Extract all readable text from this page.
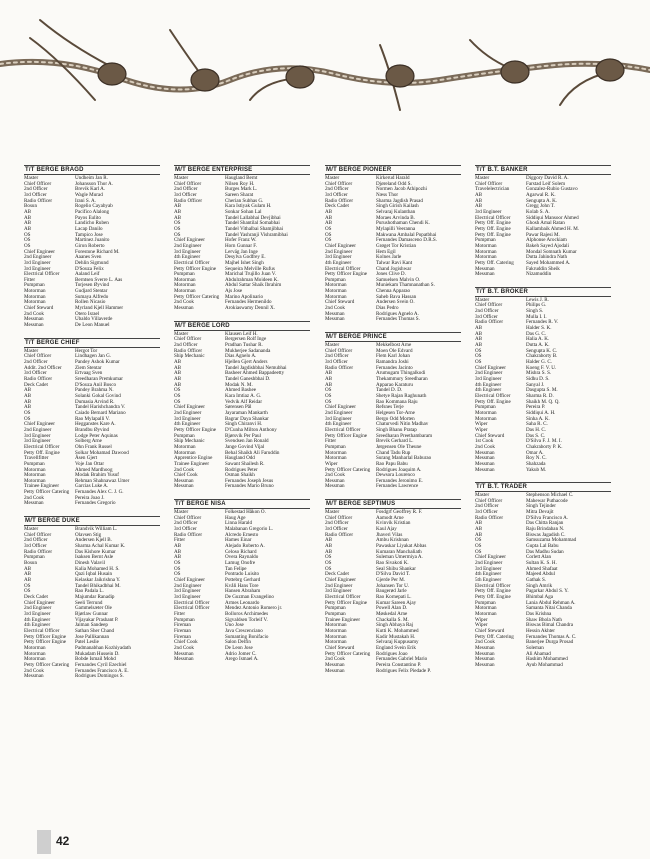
T/T BERGE BRAGD
Master	Undheim Jan R.
Chief Officer	Johansson Thor A.
2nd Officer	Brevik Karl A.
3rd Officer	Wagle Murad
Radio Officer	Irani S. A.
Bosun	Rogelio Cayabyab
AB	Pacifico Alalong
AB	Payos Eulito
AB	Landicho Ruben
AB	Lacap Danilo
OS	Tampico Jose
OS	Martinez Juanito
OS	Giron Roberto
Chief Engineer	Forestone Richard M.
2nd Engineer	Aaanes Sven
3rd Engineer	Dehlin Sigmund
3rd Engineer	D'Souza Felix
Electrical Officer	Aaland Leif
Fitter	Berntsen Sverre L. Aas
Pumpman	Torjesen Øyvind
Motorman	Gudjard Stentar
Motorman	Sumaya Alfredo
Motorman	Rollen Nicasio
Chief Steward	Myrland Kjell Hammer
2nd Cook	Otero Israel
Messman	Ubaldo Villaverde
Messman	De Leon Manuel
T/T BERGE CHIEF
Master	Hergot Tor
Chief Officer	Lindhagen Jan G.
2nd Officer	Pandey Ashok Kumar
Addit. 2nd Officer	Ziem Stentar
3rd Officer	Ertvaag Sven
Radio Officer	Sreedharan Premkumar
Deck Cadet	D'Souza Anil Bosco
AB	Pandey Brahma N.
AB	Solanki Gokal Govind
AB	Dumasia Arvind R.
AB	Tandel Harishchandra V.
OS	Caiado Bernard Mariano
OS	Rao Mylapalli V.
Chief Engineer	Hegganstes Kare A.
2nd Engineer	Brandbu Øyvind
3rd Engineer	Lodge Peter Aquinas
3rd Engineer	Solberg Arne
Electrical Officer	Ohn Frank Russel
Petty Off. Engine	Solkar Mohamad Dawood
Travellfitter	Åsen Gjert
Pumpman	Voje Jan Ottar
Motorman	Ahmed Mardhoog
Motorman	Modak Brahim Yusuf
Motorman	Rehman Shahnawaz Umer
Trainee Engineer	Garcias Luke A.
Petty Officer Catering	Fernandes Alex C. J. G.
2nd Cook	Pereira Joao J.
Messman	Fernandes Gregorio
M/T BERGE DUKE
Master	Brandvik William L.
Chief Officer	Olavsen Stig
2nd Officer	Andersen Kjell B.
3rd Officer	Sharma Achal Kumar K.
Radio Officer	Das Kishore Kumar
Pumpman	Isaksen Bernt Asle
Bosun	Dinesh Valavil
AB	Kalia Mohamed H. S.
AB	Qazi Iqbal Husain
AB	Kelaskar Jaikrishna Y.
OS	Tandel Bhikadbhai M.
OS	Rao Padala L.
Deck Cadet	Majumdar Ranadip
Chief Engineer	Seeli Terrund
2nd Engineer	Gammelsæter Ole
3rd Engineer	Bjørlaw Gunnar
4th Engineer	Vijayakar Prashant P.
4th Engineer	Jaiman Sandeep
Electrical Officer	Sathan Sher Chand
Petty Officer Engine	Jose Pallikannan
Petty Officer Engine	Patel Leslie
Motorman	Padmanabhan Kozhiyadath
Motorman	Mukadam Hussein D.
Motorman	Bobde Ismail Mohd
Petty Officer Catering	Fernandes Cyril Ezechiel
2nd Cook	Fernandes Francisco A. E.
Messman	Rodrigues Domingos S.
M/T BERGE ENTERPRISE
Master	Haugland Bernt
Chief Officer	Nilsen Roy H.
2nd Officer	Burges Mark L.
3rd Officer	Sareen Sharat
Radio Officer	Cherian Subhas G.
AB	Kara Istiyak Gulam H.
AB	Sonkar Sohan Lal
AB	Tandel Lallabhai Devjibhai
OS	Tandel Shantilal Somabhai
OS	Tandel Vithalbai Shamjibhai
OS	Tandel Yashranji Vishramibhai
Chief Engineer	Hofer Franz W.
2nd Engineer	Horn Gunnar F.
3rd Engineer	Lerväg Jan Inge
4th Engineer	Desylva Godfrey E.
Electrical Officer	Majhel Ishet Singh
Petty Officer Engine	Sequeira Melville Rufus
Pumpman	Marichal Trujillo Juan V.
Motorman	Abdulrahman Moideen K.
Motorman	Abdul Sattar Shaik Ibrahim
Motorman	Ajs Jose
Petty Officer Catering	Marino Apolinario
2nd Cook	Fernandes Hermenildo
Messman	Arokiaswamy Dennil X.
M/T BERGE LORD
Master	Klausen Leif H.
Chief Officer	Bergersen Rolf Inge
2nd Officer	Pradhan Tushar R.
Radio Officer	Mukherjee Sadananda
Ship Mechanic	Dias Agnelo A.
AB	Hjellen Gjert Anders
AB	Tandel Jagdishbhai Nemubhai
AB	Basheer Ahmed Bappadeetty
AB	Tandel Ganeshbhai D.
AB	Modak N. M.
OS	Ahmed Bashee
OS	Kara Imtiaz A. G.
OS	Vedvik Alf Reidar
Chief Engineer	Sørensen Pål
2nd Engineer	Jayaraman Mankarth
3rd Engineer	Bagrar Daya Shankar
4th Engineer	Singh Chiranvi H.
Petty Officer Engine	D'Cunha Milton Anthony
Pumpman	Bjørsvik Per Paul
Ship Mechanic	Svendsen Jan Ronald
Motorman	Jange Govind Vijal
Motorman	Behal Shaikh Ali Faruddin
Apprentice Engine	Haugland Odd
Trainee Engineer	Sawant Shailesh R.
2nd Cook	Rodrigues Peter
Chief Cook	Osman Shaikh
Messman	Fernandes Joseph Jesus
Messman	Fernandes Mario Bruno
T/T BERGE NISA
Master	Folkestad Håkon O.
Chief Officer	Haug Age
2nd Officer	Linna Harald
3rd Officer	Malabanan Gregorio L.
Radio Officer	Alcredo Ernesto
Fitter	Hames Einar
AB	Alejado Roberto A.
AB	Celoso Richard
AB	Overa Raynaldo
OS	Lamug Onofre
OS	Tan Felipe
OS	Pontrado Luisito
Chief Engineer	Pottebrg Gerhard
2nd Engineer	Kvåli Hans Tore
3rd Engineer	Hansen Abraham
3rd Engineer	De Guzman Evangelino
Electrical Officer	Armes Leonardo
Electrical Officer	Mendez Antonio Romero jr.
Fitter	Bolloros Archimedes
Pumpman	Sigvaldsen Torleif V.
Fireman	Uno Jose
Fireman	Java Crescenciano
Fireman	Sumanting Bonifacio
Chief Cook	Salon Delfin
2nd Cook	De Leon Jose
Messman	Adrio Jomer C.
Messman	Arego Ismael A.
M/T BERGE PIONEER
Master	Kirkerud Harald
Chief Officer	Djøreland Odd S.
2nd Officer	Normen Jacob Athipozhi
3rd Officer	Næss Thor
Radio Officer	Sharma Jagdish Prasad
Deck Cadet	Singh Girish Kailash
AB	Selvaraj Kulanthan
AB	Moraes Arvinda B.
AB	Purushothaman Chendi K.
OS	Mylapilli Veeranna
OS	Makwana Ambalal Popatbhai
OS	Fernandes Damasceno D.R.S.
Chief Engineer	Grøget Tor Kristian
2nd Engineer	Hem Egil
3rd Engineer	Kolnes Jarle
4th Engineer	Talwar Ravi Kant
Electrical Officer	Chand Jogishwar
Petty Officer Engine	Jones Clive D.
Pumpman	Samuelsen Malvin O.
Motorman	Muniekam Thamnanathan S.
Motorman	Chenna Apparao
Motorman	Saheb Bava Hassan
Chief Steward	Andersen Svein O.
2nd Cook	Dias Pedro
Messman	Rodrigues Agnelo A.
Messman	Fernandes Thomas S.
M/T BERGE PRINCE
Master	Mekkelbost Arne
Chief Officer	Moen Ole Edvard
2nd Officer	Flem Karl Johan
3rd Officer	Ramandra Joshi
Radio Officer	Fernandes Jacinto
AB	Arumugam Thingalkodi
AB	Thekammury Sreedharan
AB	Apparao Karaturu
OS	Tandel D. D.
OS	Shetye Rajan Raghunath
OS	Rao Kommana Raju
Chief Engineer	Refsnes Terje
2nd Engineer	Helgesen Tor-Arne
3rd Engineer	Bergo Odd Morten
4th Engineer	Chaturvedi Nitin Madhav
Electrical Officer	Singh Bhanu Pratap
Petty Officer Engine	Sreedharan Preethambaram
Fitter	Brevik Gerhard L.
Pumpman	Jørgensen Ole Theune
Motorman	Chand Tadu Rup
Motorman	Surang Manharlal Baburao
Wiper	Rao Papu Babu
Petty Officer Catering	Rodrigues Joaquim A.
2nd Cook	Dewsora Lourenco
Messman	Fernandes Jeronimo E.
Messman	Fernandes Lawrence
M/T BERGE SEPTIMUS
Master	Fosdgrf Geoffrey R. F.
Chief Officer	Aamodt Arne
2nd Officer	Kvinvik Kristian
3rd Officer	Kaul Ajay
Radio Officer	Jhaveri Vilas
AB	Ambu Krishnan
AB	Pawaskar Liyakat Abbas
AB	Kumaran Manchaliath
OS	Suleman Umermiya A.
OS	Rao Sivakoti K.
OS	Seal Shibu Shankar
Deck Cadet	D'Silva David T.
Chief Engineer	Gjerde Per M.
2nd Engineer	Johansen Tor U.
3rd Engineer	Baugerød Jarle
Electrical Officer	Rao Kornepati L.
Petty Officer Engine	Kumar Sareen Ajay
Pumpman	Powell Alan D.
Pumpman	Møskedal Arne
Trainee Engineer	Chackalla S. M.
Motorman	Singh Abhaya Raj
Motorman	Kutti K. Mohammed
Motorman	Kadir Mustakah H.
Motorman	Selvaraj Kuppusamy
Chief Steward	England Svein Erik
Petty Officer Catering	Rodrigues Joao
2nd Cook	Fernandes Gabriel Mario
Messman	Pereira Constantino P.
Messman	Rodrigues Felix Piedade P.
T/T B.T. BANKER
Master	Diggory David R. A.
Chief Officer	Farstad Leif Solem
Travelelectrician	Gonzalez-Rubio Gustavo
AB	Agarwal R. K.
AB	Sengupta A. K.
AB	Gregg John T.
3rd Engineer	Kolab S. A.
Electrical Officer	Siddiqui Mansoor Ahmed
Petty Off. Engine	Ghosh Amal Ratan
Petty Off. Engine	Kallambaik Ahmed H. M.
Petty Off. Engine	Pawar Rajesi M.
Pumpman	Alphonse Arockiam
Motorman	Bakeh Sayed Ajodali
Motorman	Mondal Somnath Kumar
Motorman	Dutta Jahindra Nath
Petty Off. Catering	Sayed Mohammed A.
Messman	Fakruddin Sheik
Messman	Nizamuddin
T/T B.T. BROKER
Master	Lewis J. R.
Chief Officer	Philips G.
2nd Officer	Singh S.
3rd Officer	Mulla I. I.
Radio Officer	Fernandes R. V.
AB	Halder S. K.
AB	Das G. C.
AB	Halia A. K.
AB	Dutta A. K.
OS	Sengupta K. C.
OS	Chakraborty B.
OS	Halder G. C.
Chief Engineer	Koeng F. V. U.
2nd Engineer	Mishra S. S.
3rd Engineer	Sidhu D. S.
4th Engineer	Sanyal J.
4th Engineer	Dasgupta S. M.
Electrical Officer	Sharma R. D.
Petty Off. Engine	Shaikh M. Q. Q.
Pumpman	Pereira P.
Motorman	Siddiqui A. H.
Motorman	Sinha A. K.
Wiper	Saha R. C.
Wiper	Das H. C.
Chief Steward	Das S. C.
1st Cook	D'Silva F. J. M. I.
2nd Cook	Chakraborty P. K.
Messman	Omar A.
Messman	Roy N. C.
Messman	Shahzada
Messman	Yakub M.
T/T B.T. TRADER
Master	Stephenson Michael C.
Chief Officer	Mahewar Puthacode
2nd Officer	Singh Tejinder
3rd Officer	Mitra Devajit
Radio Officer	D'Silva Francisco A.
AB	Das Chitta Ranjan
AB	Raju Brindaban N.
AB	Biswas Jagadish C.
OS	Samsuzama Mohammad
OS	Gupta Lal Babu
OS	Das Madhu Sudan
Chief Engineer	Corlett Alan
2nd Engineer	Sultan K. S. H.
3rd Engineer	Ahmed Shafaat
4th Engineer	Majeed Abdul
5th Engineer	Gathak S.
Electrical Officer	Singh Amrik
Petty Off. Engine	Pagarkar Abdul S. Y.
Petty Off. Engine	Bhimbal Aga
Pumpman	Lania Abdul Rehman A.
Motorman	Samanta Nitai Chanda
Motorman	Das Krishna
Wiper	Shaw Bhola Nath
Wiper	Biswas Bimal Chandra
Chief Steward	Hessin Akhter
Petty Off. Catering	Fernandes Thomas A. C.
2nd Cook	Banerjee Durga Prosad
Messman	Soleman
Messman	Ali Ahamad
Messman	Hashim Mohammed
Messman	Ayub Mohammad
42
